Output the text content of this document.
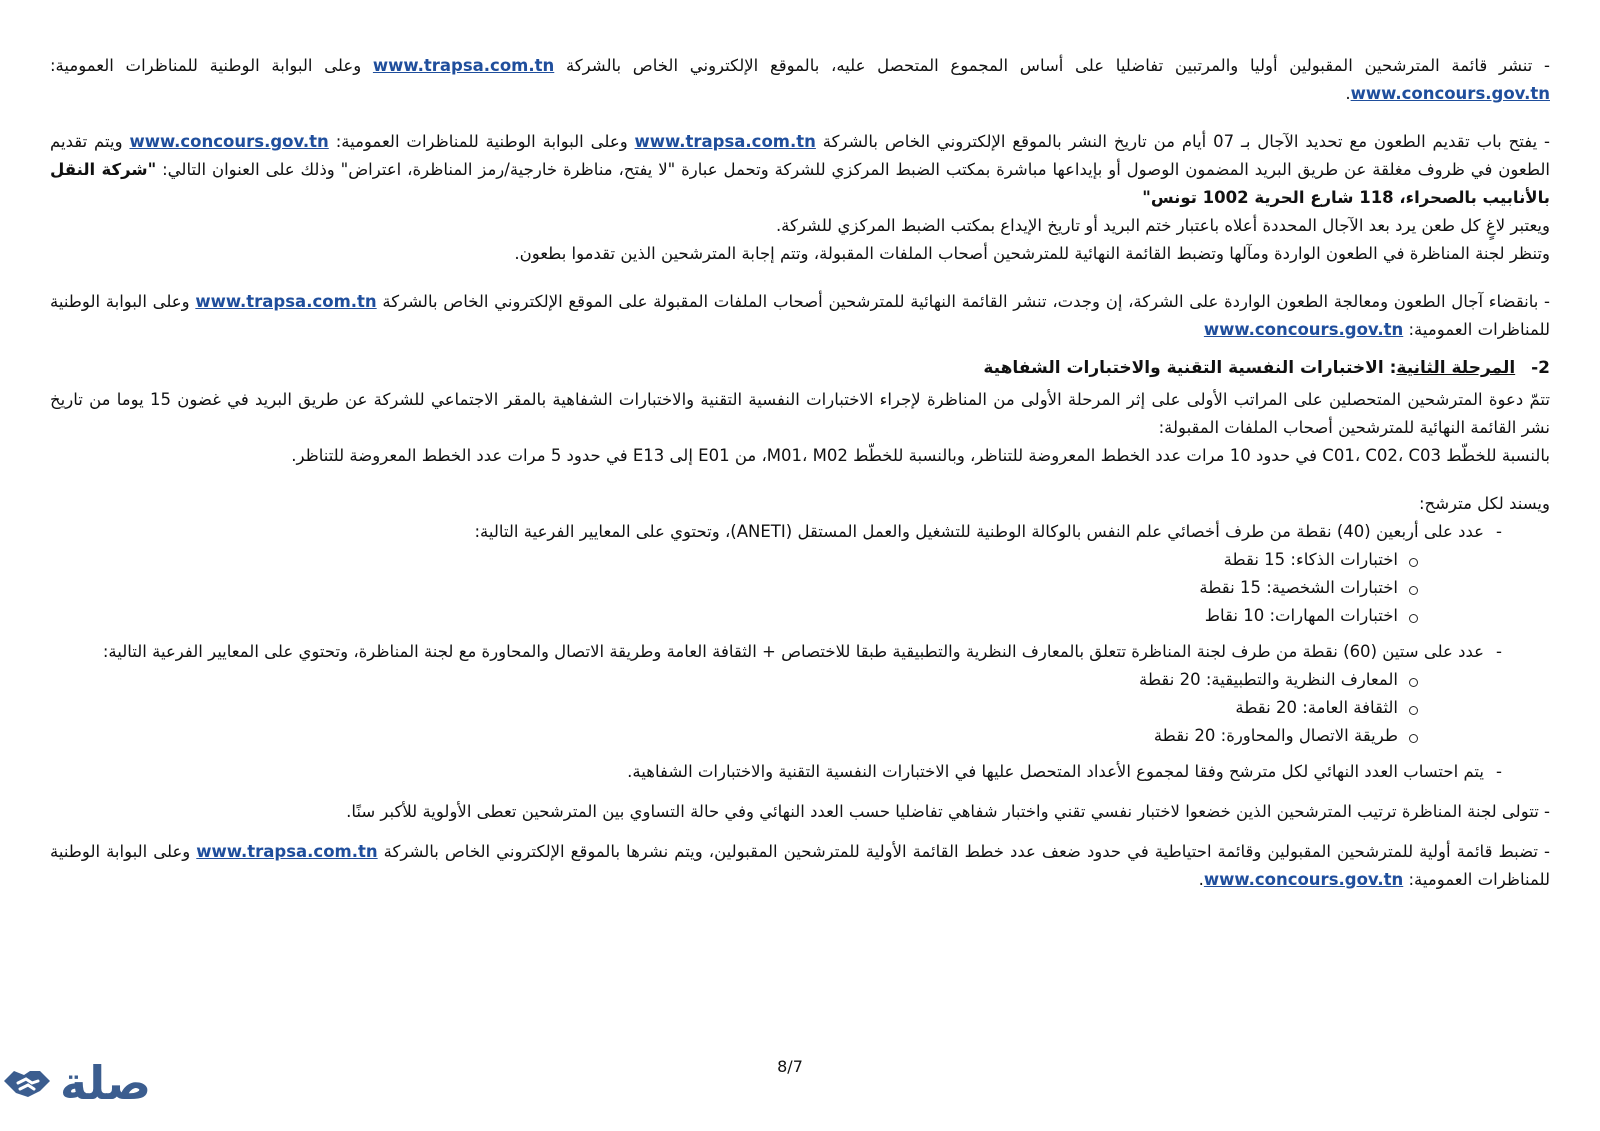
- تنشر قائمة المترشحين المقبولين أوليا والمرتبين تفاضليا على أساس المجموع المتحصل عليه، بالموقع الإلكتروني الخاص بالشركة www.trapsa.com.tn وعلى البوابة الوطنية للمناظرات العمومية: www.concours.gov.tn.

- يفتح باب تقديم الطعون مع تحديد الآجال بـ 07 أيام من تاريخ النشر بالموقع الإلكتروني الخاص بالشركة www.trapsa.com.tn وعلى البوابة الوطنية للمناظرات العمومية: www.concours.gov.tn ويتم تقديم الطعون في ظروف مغلقة عن طريق البريد المضمون الوصول أو بإيداعها مباشرة بمكتب الضبط المركزي للشركة وتحمل عبارة "لا يفتح، مناظرة خارجية/رمز المناظرة، اعتراض" وذلك على العنوان التالي: "شركة النقل بالأنابيب بالصحراء، 118 شارع الحرية 1002 تونس"

ويعتبر لاغٍ كل طعن يرد بعد الآجال المحددة أعلاه باعتبار ختم البريد أو تاريخ الإيداع بمكتب الضبط المركزي للشركة.

وتنظر لجنة المناظرة في الطعون الواردة ومآلها وتضبط القائمة النهائية للمترشحين أصحاب الملفات المقبولة، وتتم إجابة المترشحين الذين تقدموا بطعون.

- بانقضاء آجال الطعون ومعالجة الطعون الواردة على الشركة، إن وجدت، تنشر القائمة النهائية للمترشحين أصحاب الملفات المقبولة على الموقع الإلكتروني الخاص بالشركة www.trapsa.com.tn وعلى البوابة الوطنية للمناظرات العمومية: www.concours.gov.tn

2- المرحلة الثانية: الاختبارات النفسية التقنية والاختبارات الشفاهية

تتمّ دعوة المترشحين المتحصلين على المراتب الأولى على إثر المرحلة الأولى من المناظرة لإجراء الاختبارات النفسية التقنية والاختبارات الشفاهية بالمقر الاجتماعي للشركة عن طريق البريد في غضون 15 يوما من تاريخ نشر القائمة النهائية للمترشحين أصحاب الملفات المقبولة:

بالنسبة للخطّط C01، C02، C03 في حدود 10 مرات عدد الخطط المعروضة للتناظر، وبالنسبة للخطّط M01، M02، من E01 إلى E13 في حدود 5 مرات عدد الخطط المعروضة للتناظر.

ويسند لكل مترشح:

- عدد على أربعين (40) نقطة من طرف أخصائي علم النفس بالوكالة الوطنية للتشغيل والعمل المستقل (ANETI)، وتحتوي على المعايير الفرعية التالية:
اختبارات الذكاء: 15 نقطة
اختبارات الشخصية: 15 نقطة
اختبارات المهارات: 10 نقاط
- عدد على ستين (60) نقطة من طرف لجنة المناظرة تتعلق بالمعارف النظرية والتطبيقية طبقا للاختصاص + الثقافة العامة وطريقة الاتصال والمحاورة مع لجنة المناظرة، وتحتوي على المعايير الفرعية التالية:
المعارف النظرية والتطبيقية: 20 نقطة
الثقافة العامة: 20 نقطة
طريقة الاتصال والمحاورة: 20 نقطة
- يتم احتساب العدد النهائي لكل مترشح وفقا لمجموع الأعداد المتحصل عليها في الاختبارات النفسية التقنية والاختبارات الشفاهية.

- تتولى لجنة المناظرة ترتيب المترشحين الذين خضعوا لاختبار نفسي تقني واختبار شفاهي تفاضليا حسب العدد النهائي وفي حالة التساوي بين المترشحين تعطى الأولوية للأكبر سنًا.

- تضبط قائمة أولية للمترشحين المقبولين وقائمة احتياطية في حدود ضعف عدد خطط القائمة الأولية للمترشحين المقبولين، ويتم نشرها بالموقع الإلكتروني الخاص بالشركة www.trapsa.com.tn وعلى البوابة الوطنية للمناظرات العمومية: www.concours.gov.tn.

8/7
صلة
